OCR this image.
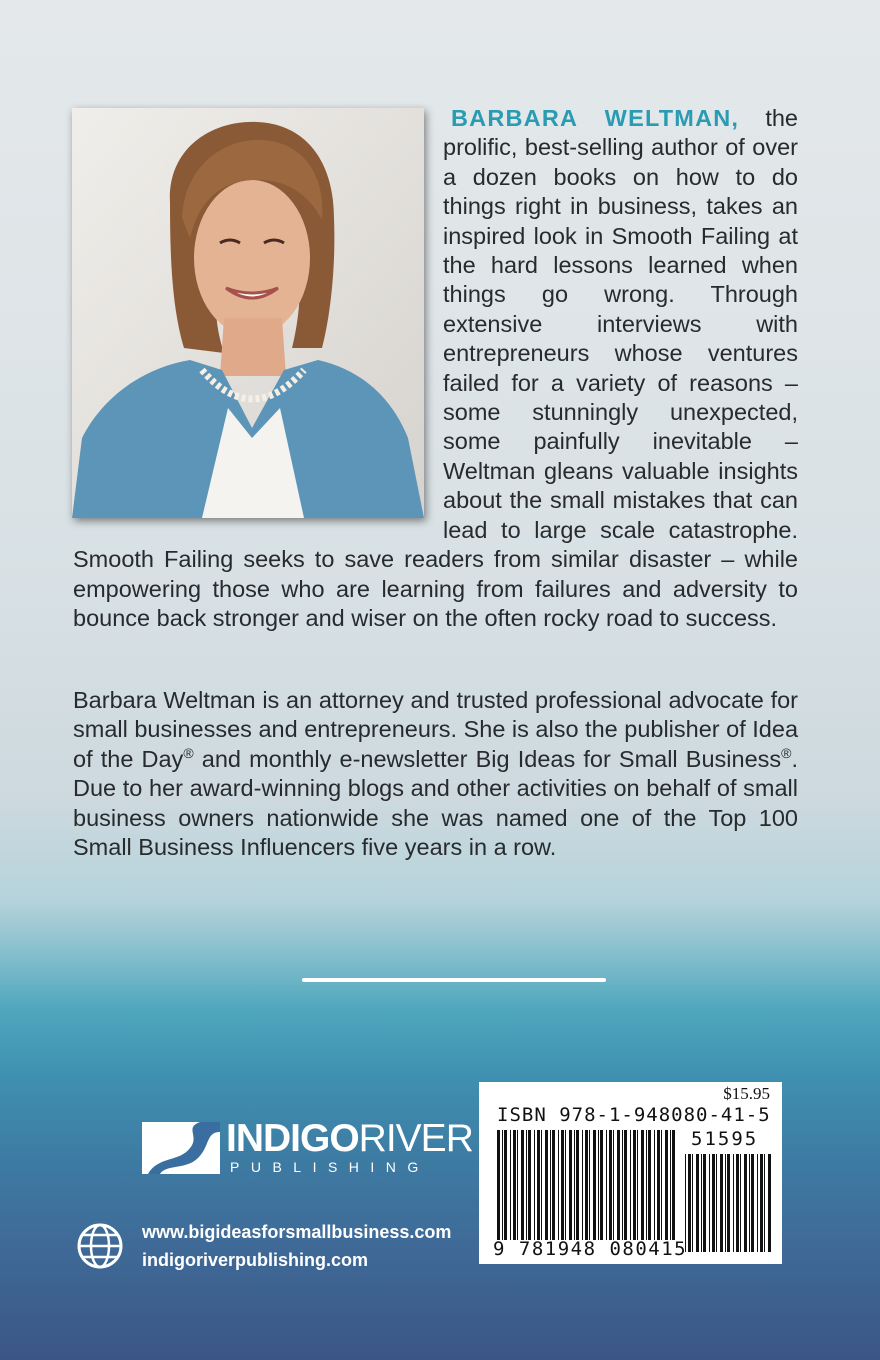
BARBARA WELTMAN, the prolific, best-selling author of over a dozen books on how to do things right in business, takes an inspired look in Smooth Failing at the hard lessons learned when things go wrong. Through extensive interviews with entrepreneurs whose ventures failed for a variety of reasons – some stunningly unexpected, some painfully inevitable – Weltman gleans valuable insights about the small mistakes that can lead to large scale catastrophe. Smooth Failing seeks to save readers from similar disaster – while empowering those who are learning from failures and adversity to bounce back stronger and wiser on the often rocky road to success.
Barbara Weltman is an attorney and trusted professional advocate for small businesses and entrepreneurs. She is also the publisher of Idea of the Day® and monthly e-newsletter Big Ideas for Small Business®. Due to her award-winning blogs and other activities on behalf of small business owners nationwide she was named one of the Top 100 Small Business Influencers five years in a row.
INDIGORIVER
PUBLISHING
www.bigideasforsmallbusiness.com
indigoriverpublishing.com
$15.95
ISBN 978-1-948080-41-5
51595
9 781948 080415
